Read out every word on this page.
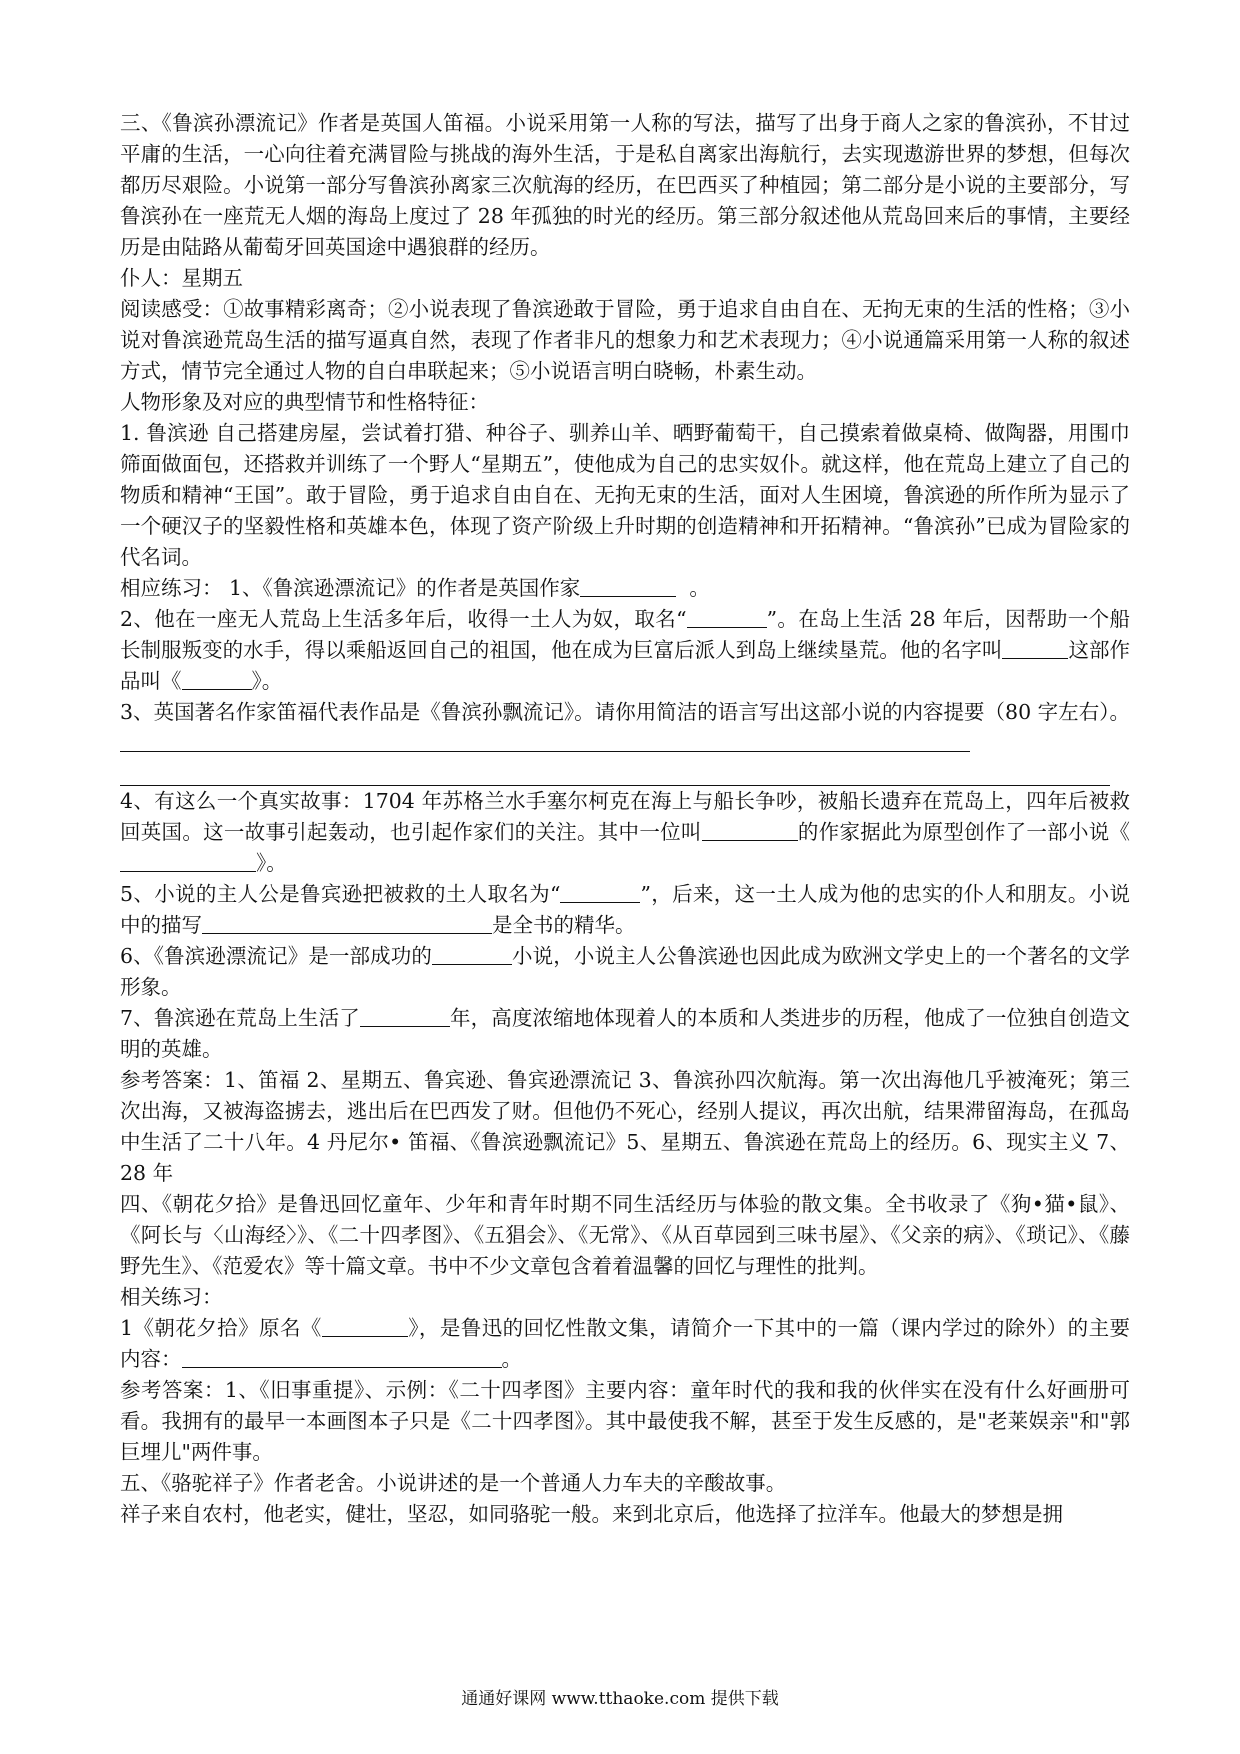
三、《鲁滨孙漂流记》作者是英国人笛福。小说采用第一人称的写法，描写了出身于商人之家的鲁滨孙，不甘过平庸的生活，一心向往着充满冒险与挑战的海外生活，于是私自离家出海航行，去实现遨游世界的梦想，但每次都历尽艰险。小说第一部分写鲁滨孙离家三次航海的经历，在巴西买了种植园；第二部分是小说的主要部分，写鲁滨孙在一座荒无人烟的海岛上度过了 28 年孤独的时光的经历。第三部分叙述他从荒岛回来后的事情，主要经历是由陆路从葡萄牙回英国途中遇狼群的经历。

仆人：星期五

阅读感受：①故事精彩离奇；②小说表现了鲁滨逊敢于冒险，勇于追求自由自在、无拘无束的生活的性格；③小说对鲁滨逊荒岛生活的描写逼真自然，表现了作者非凡的想象力和艺术表现力；④小说通篇采用第一人称的叙述方式，情节完全通过人物的自白串联起来；⑤小说语言明白晓畅，朴素生动。

人物形象及对应的典型情节和性格特征：

1. 鲁滨逊 自己搭建房屋，尝试着打猎、种谷子、驯养山羊、晒野葡萄干，自己摸索着做桌椅、做陶器，用围巾筛面做面包，还搭救并训练了一个野人“星期五”，使他成为自己的忠实奴仆。就这样，他在荒岛上建立了自己的物质和精神“王国”。敢于冒险，勇于追求自由自在、无拘无束的生活，面对人生困境，鲁滨逊的所作所为显示了一个硬汉子的坚毅性格和英雄本色，体现了资产阶级上升时期的创造精神和开拓精神。“鲁滨孙”已成为冒险家的代名词。

相应练习： 1、《鲁滨逊漂流记》的作者是英国作家	。

2、他在一座无人荒岛上生活多年后，收得一土人为奴，取名“	”。在岛上生活 28 年后，因帮助一个船长制服叛变的水手，得以乘船返回自己的祖国，他在成为巨富后派人到岛上继续垦荒。他的名字叫	这部作品叫《	》。

3、英国著名作家笛福代表作品是《鲁滨孙飘流记》。请你用简洁的语言写出这部小说的内容提要（80 字左右）。

4、有这么一个真实故事：1704 年苏格兰水手塞尔柯克在海上与船长争吵，被船长遗弃在荒岛上，四年后被救回英国。这一故事引起轰动，也引起作家们的关注。其中一位叫	的作家据此为原型创作了一部小说《》。

5、小说的主人公是鲁宾逊把被救的土人取名为“	”，后来，这一土人成为他的忠实的仆人和朋友。小说中的描写	是全书的精华。

6、《鲁滨逊漂流记》是一部成功的	小说，小说主人公鲁滨逊也因此成为欧洲文学史上的一个著名的文学形象。

7、鲁滨逊在荒岛上生活了	年，高度浓缩地体现着人的本质和人类进步的历程，他成了一位独自创造文明的英雄。

参考答案：1、笛福 2、星期五、鲁宾逊、鲁宾逊漂流记 3、鲁滨孙四次航海。第一次出海他几乎被淹死；第三次出海，又被海盗掳去，逃出后在巴西发了财。但他仍不死心，经别人提议，再次出航，结果滞留海岛，在孤岛中生活了二十八年。4 丹尼尔• 笛福、《鲁滨逊飘流记》5、星期五、鲁滨逊在荒岛上的经历。6、现实主义 7、28 年

四、《朝花夕拾》是鲁迅回忆童年、少年和青年时期不同生活经历与体验的散文集。全书收录了《狗•猫•鼠》、《阿长与〈山海经〉》、《二十四孝图》、《五猖会》、《无常》、《从百草园到三味书屋》、《父亲的病》、《琐记》、《藤野先生》、《范爱农》等十篇文章。书中不少文章包含着着温馨的回忆与理性的批判。

相关练习：

1《朝花夕拾》原名《	》，是鲁迅的回忆性散文集，请简介一下其中的一篇（课内学过的除外）的主要内容：	。

参考答案：1、《旧事重提》、示例：《二十四孝图》主要内容：童年时代的我和我的伙伴实在没有什么好画册可看。我拥有的最早一本画图本子只是《二十四孝图》。其中最使我不解，甚至于发生反感的，是"老莱娱亲"和"郭巨埋儿"两件事。

五、《骆驼祥子》作者老舍。小说讲述的是一个普通人力车夫的辛酸故事。

祥子来自农村，他老实，健壮，坚忍，如同骆驼一般。来到北京后，他选择了拉洋车。他最大的梦想是拥

通通好课网 www.tthaoke.com 提供下载
